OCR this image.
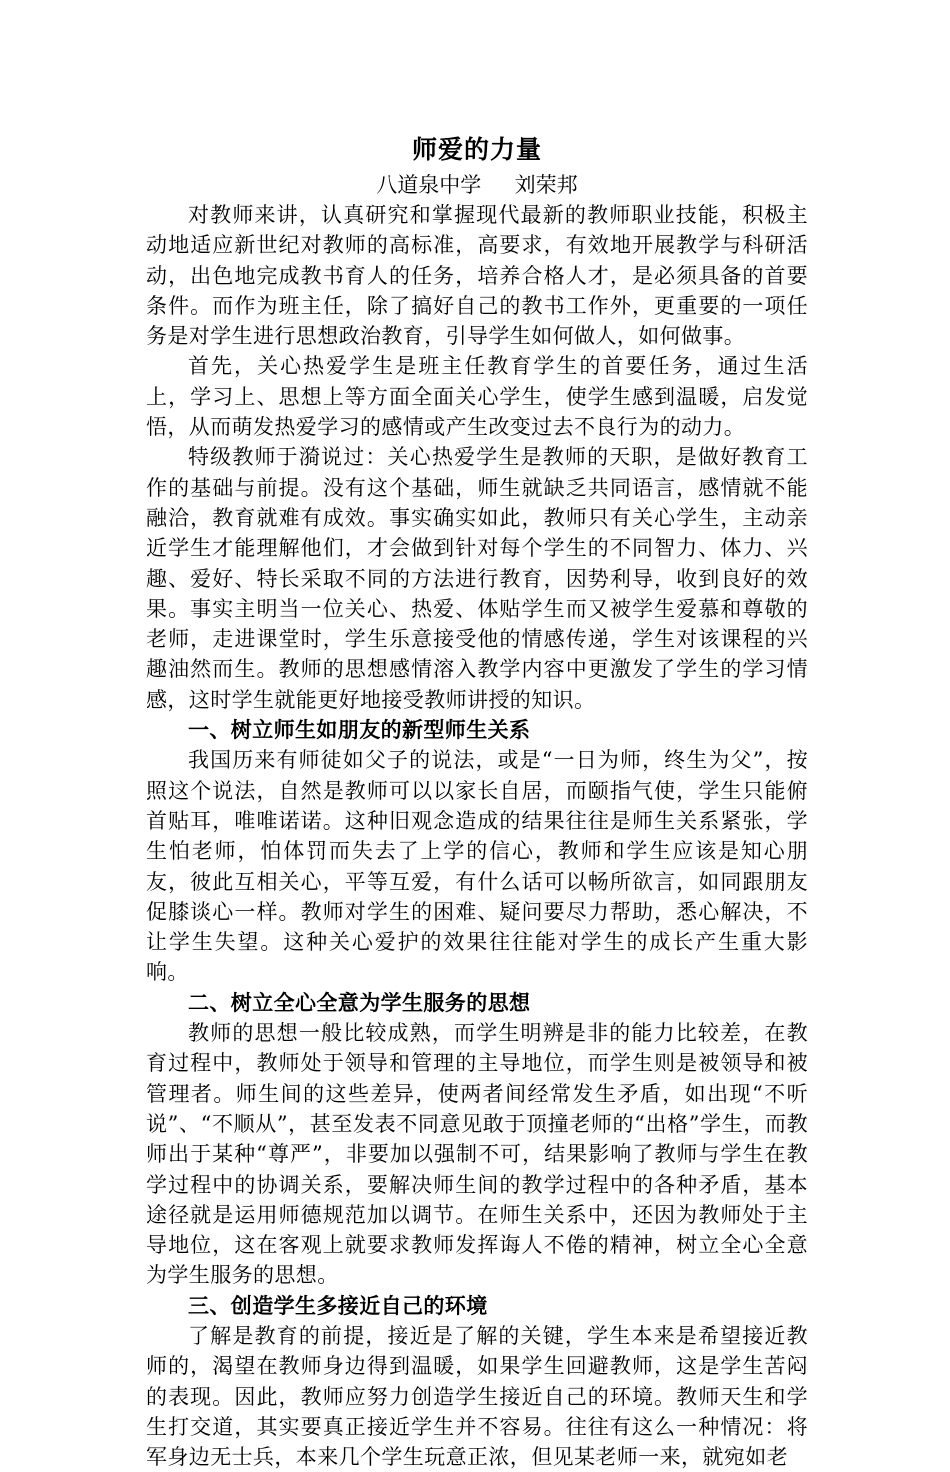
师爱的力量

八道泉中学     刘荣邦

对教师来讲，认真研究和掌握现代最新的教师职业技能，积极主动地适应新世纪对教师的高标准，高要求，有效地开展教学与科研活动，出色地完成教书育人的任务，培养合格人才，是必须具备的首要条件。而作为班主任，除了搞好自己的教书工作外，更重要的一项任务是对学生进行思想政治教育，引导学生如何做人，如何做事。

首先，关心热爱学生是班主任教育学生的首要任务，通过生活上，学习上、思想上等方面全面关心学生，使学生感到温暖，启发觉悟，从而萌发热爱学习的感情或产生改变过去不良行为的动力。

特级教师于漪说过：关心热爱学生是教师的天职，是做好教育工作的基础与前提。没有这个基础，师生就缺乏共同语言，感情就不能融洽，教育就难有成效。事实确实如此，教师只有关心学生，主动亲近学生才能理解他们，才会做到针对每个学生的不同智力、体力、兴趣、爱好、特长采取不同的方法进行教育，因势利导，收到良好的效果。事实主明当一位关心、热爱、体贴学生而又被学生爱慕和尊敬的老师，走进课堂时，学生乐意接受他的情感传递，学生对该课程的兴趣油然而生。教师的思想感情溶入教学内容中更激发了学生的学习情感，这时学生就能更好地接受教师讲授的知识。

一、树立师生如朋友的新型师生关系

我国历来有师徒如父子的说法，或是“一日为师，终生为父”，按照这个说法，自然是教师可以以家长自居，而颐指气使，学生只能俯首贴耳，唯唯诺诺。这种旧观念造成的结果往往是师生关系紧张，学生怕老师，怕体罚而失去了上学的信心，教师和学生应该是知心朋友，彼此互相关心，平等互爱，有什么话可以畅所欲言，如同跟朋友促膝谈心一样。教师对学生的困难、疑问要尽力帮助，悉心解决，不让学生失望。这种关心爱护的效果往往能对学生的成长产生重大影响。

二、树立全心全意为学生服务的思想

教师的思想一般比较成熟，而学生明辨是非的能力比较差，在教育过程中，教师处于领导和管理的主导地位，而学生则是被领导和被管理者。师生间的这些差异，使两者间经常发生矛盾，如出现“不听说”、“不顺从”，甚至发表不同意见敢于顶撞老师的“出格”学生，而教师出于某种“尊严”，非要加以强制不可，结果影响了教师与学生在教学过程中的协调关系，要解决师生间的教学过程中的各种矛盾，基本途径就是运用师德规范加以调节。在师生关系中，还因为教师处于主导地位，这在客观上就要求教师发挥诲人不倦的精神，树立全心全意为学生服务的思想。

三、创造学生多接近自己的环境

了解是教育的前提，接近是了解的关键，学生本来是希望接近教师的，渴望在教师身边得到温暖，如果学生回避教师，这是学生苦闷的表现。因此，教师应努力创造学生接近自己的环境。教师天生和学生打交道，其实要真正接近学生并不容易。往往有这么一种情况：将军身边无士兵，本来几个学生玩意正浓，但见某老师一来，就宛如老
